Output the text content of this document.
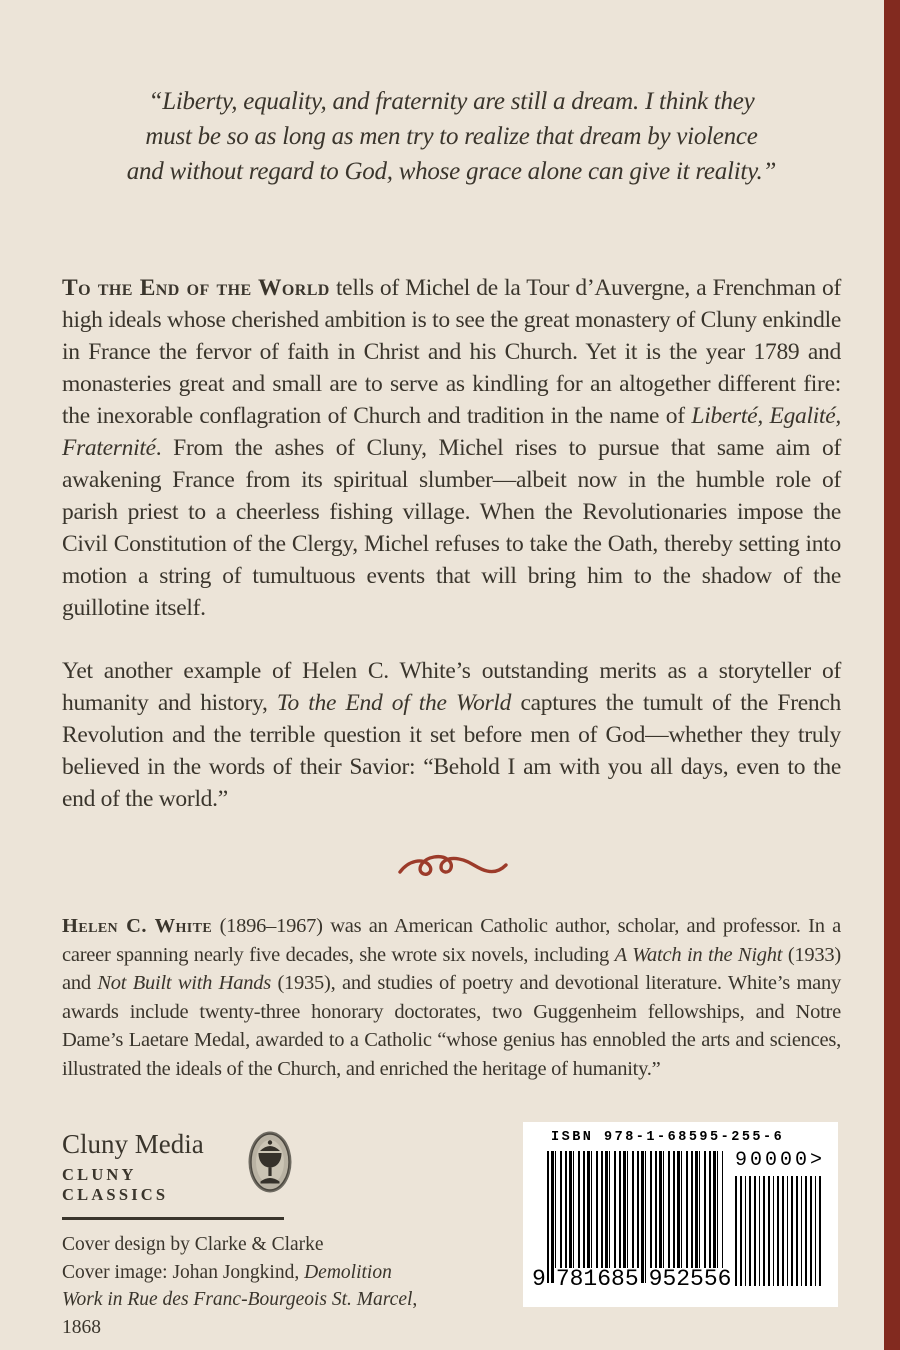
“Liberty, equality, and fraternity are still a dream. I think they
must be so as long as men try to realize that dream by violence
and without regard to God, whose grace alone can give it reality.”

To the End of the World tells of Michel de la Tour d’Auvergne, a Frenchman of high ideals whose cherished ambition is to see the great monastery of Cluny enkindle in France the fervor of faith in Christ and his Church. Yet it is the year 1789 and monasteries great and small are to serve as kindling for an altogether different fire: the inexorable conflagration of Church and tradition in the name of Liberté, Egalité, Fraternité. From the ashes of Cluny, Michel rises to pursue that same aim of awakening France from its spiritual slumber—albeit now in the humble role of parish priest to a cheerless fishing village. When the Revolutionaries impose the Civil Constitution of the Clergy, Michel refuses to take the Oath, thereby setting into motion a string of tumultuous events that will bring him to the shadow of the guillotine itself.

Yet another example of Helen C. White’s outstanding merits as a storyteller of humanity and history, To the End of the World captures the tumult of the French Revolution and the terrible question it set before men of God—whether they truly believed in the words of their Savior: “Behold I am with you all days, even to the end of the world.”

Helen C. White (1896–1967) was an American Catholic author, scholar, and professor. In a career spanning nearly five decades, she wrote six novels, including A Watch in the Night (1933) and Not Built with Hands (1935), and studies of poetry and devotional literature. White’s many awards include twenty-three honorary doctorates, two Guggenheim fellowships, and Notre Dame’s Laetare Medal, awarded to a Catholic “whose genius has ennobled the arts and sciences, illustrated the ideals of the Church, and enriched the heritage of humanity.”
Cluny Media
CLUNY CLASSICS

Cover design by Clarke & Clarke

Cover image: Johan Jongkind, Demolition Work in Rue des Franc-Bourgeois St. Marcel, 1868

ISBN 978-1-68595-255-6
9 781685 952556
90000>
